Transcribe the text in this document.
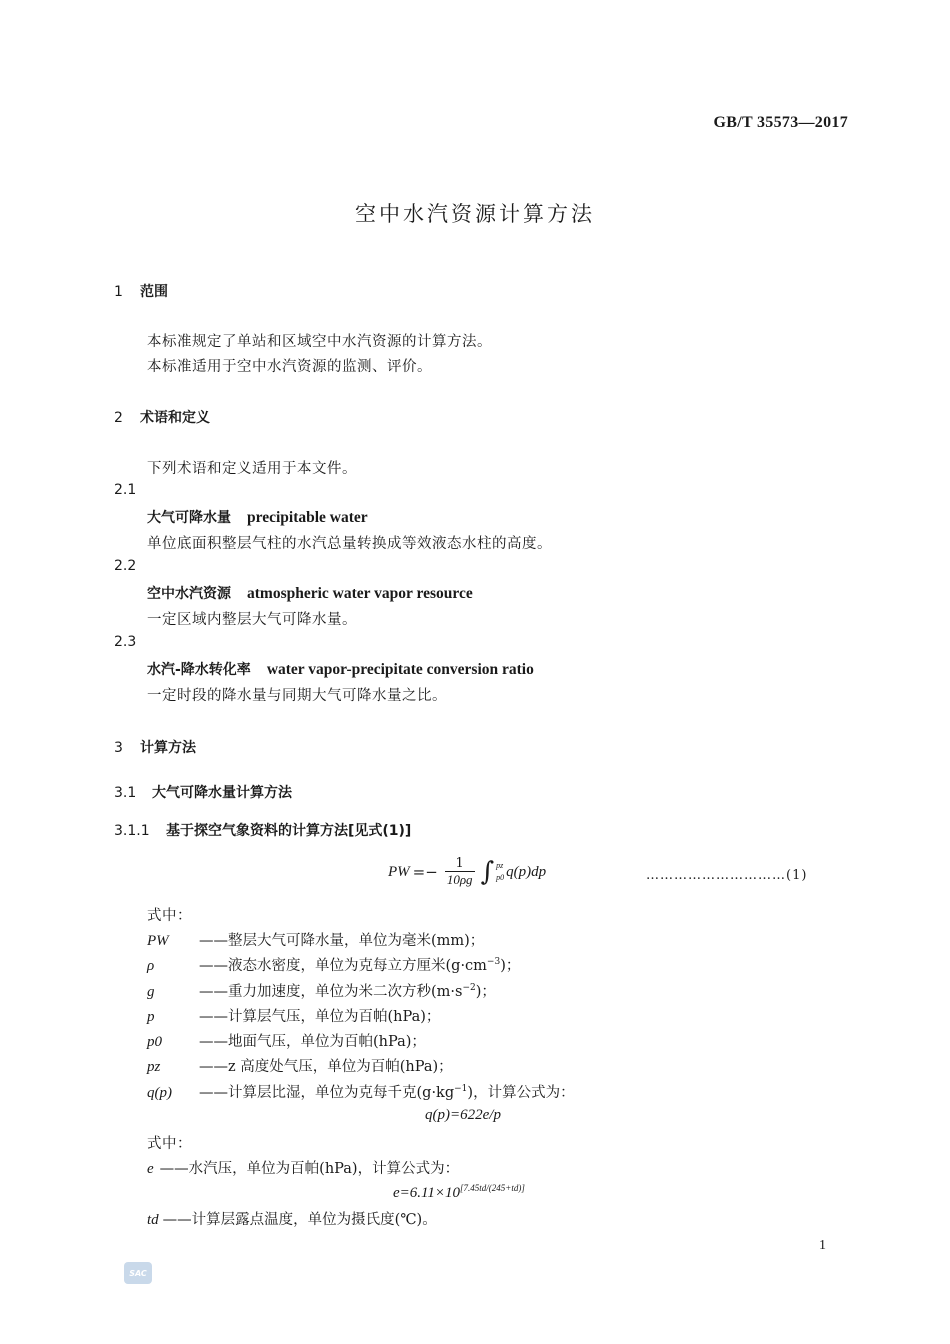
GB/T 35573—2017
空中水汽资源计算方法
1 范围
本标准规定了单站和区域空中水汽资源的计算方法。
本标准适用于空中水汽资源的监测、评价。
2 术语和定义
下列术语和定义适用于本文件。
2.1
大气可降水量 precipitable water
单位底面积整层气柱的水汽总量转换成等效液态水柱的高度。
2.2
空中水汽资源 atmospheric water vapor resource
一定区域内整层大气可降水量。
2.3
水汽-降水转化率 water vapor-precipitate conversion ratio
一定时段的降水量与同期大气可降水量之比。
3 计算方法
3.1 大气可降水量计算方法
3.1.1 基于探空气象资料的计算方法[见式(1)]
PW =− $\frac{1}{10\rho g}$ ∫ pz
p0 q(p)dp	…………………………(1)
式中：
PW ——整层大气可降水量，单位为毫米(mm)；
ρ	——液态水密度，单位为克每立方厘米$(g\cdot cm^{-3})$；
g	——重力加速度，单位为米二次方秒$(m\cdot s^{-2})$；
p	——计算层气压，单位为百帕(hPa)；
p0	——地面气压，单位为百帕(hPa)；
pz	——z 高度处气压，单位为百帕(hPa)；
q(p) ——计算层比湿，单位为克每千克$(g\cdot kg^{-1})$，计算公式为：
q(p)=622e/p
式中：
e ——水汽压，单位为百帕(hPa)，计算公式为：
e=6.11×10[7.45td/(245+td)]
td ——计算层露点温度，单位为摄氏度(℃)。
1
SAC
